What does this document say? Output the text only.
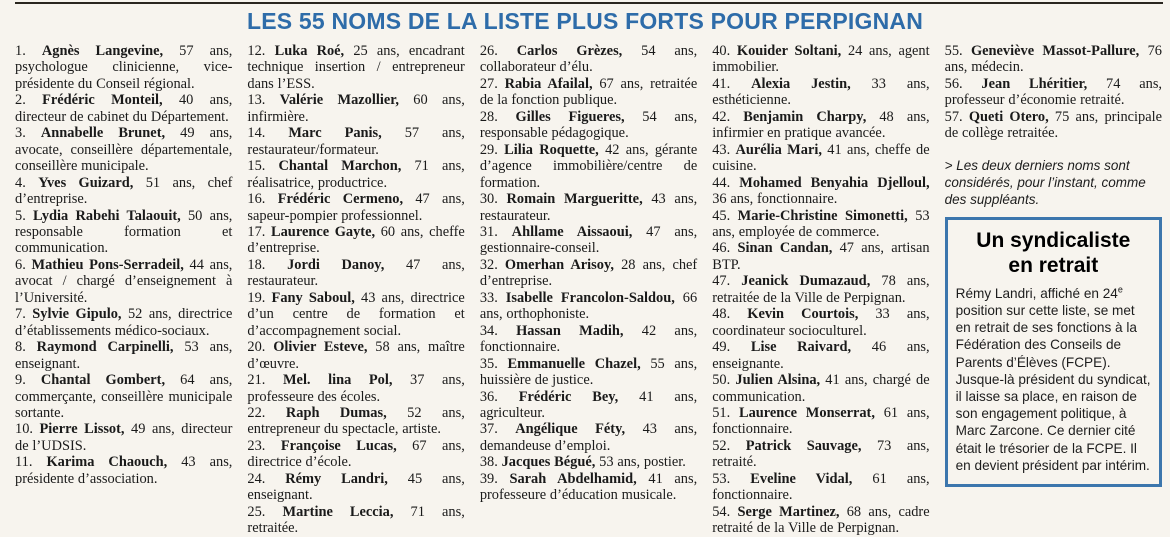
LES 55 NOMS DE LA LISTE PLUS FORTS POUR PERPIGNAN

1. Agnès Langevine, 57 ans, psychologue clinicienne, vice-présidente du Conseil régional.

2. Frédéric Monteil, 40 ans, directeur de cabinet du Département.

3. Annabelle Brunet, 49 ans, avocate, conseillère départementale, conseillère municipale.

4. Yves Guizard, 51 ans, chef d’entreprise.

5. Lydia Rabehi Talaouit, 50 ans, responsable formation et communication.

6. Mathieu Pons-Serradeil, 44 ans, avocat / chargé d’enseignement à l’Université.

7. Sylvie Gipulo, 52 ans, directrice d’établissements médico-sociaux.

8. Raymond Carpinelli, 53 ans, enseignant.

9. Chantal Gombert, 64 ans, commerçante, conseillère municipale sortante.

10. Pierre Lissot, 49 ans, directeur de l’UDSIS.

11. Karima Chaouch, 43 ans, présidente d’association.

12. Luka Roé, 25 ans, encadrant technique insertion / entrepreneur dans l’ESS.

13. Valérie Mazollier, 60 ans, infirmière.

14. Marc Panis, 57 ans, restaurateur/formateur.

15. Chantal Marchon, 71 ans, réalisatrice, productrice.

16. Frédéric Cermeno, 47 ans, sapeur-pompier professionnel.

17. Laurence Gayte, 60 ans, cheffe d’entreprise.

18. Jordi Danoy, 47 ans, restaurateur.

19. Fany Saboul, 43 ans, directrice d’un centre de formation et d’accompagnement social.

20. Olivier Esteve, 58 ans, maître d’œuvre.

21. Mel. lina Pol, 37 ans, professeure des écoles.

22. Raph Dumas, 52 ans, entrepreneur du spectacle, artiste.

23. Françoise Lucas, 67 ans, directrice d’école.

24. Rémy Landri, 45 ans, enseignant.

25. Martine Leccia, 71 ans, retraitée.

26. Carlos Grèzes, 54 ans, collaborateur d’élu.

27. Rabia Afailal, 67 ans, retraitée de la fonction publique.

28. Gilles Figueres, 54 ans, responsable pédagogique.

29. Lilia Roquette, 42 ans, gérante d’agence immobilière/centre de formation.

30. Romain Margueritte, 43 ans, restaurateur.

31. Ahllame Aissaoui, 47 ans, gestionnaire-conseil.

32. Omerhan Arisoy, 28 ans, chef d’entreprise.

33. Isabelle Francolon-Saldou, 66 ans, orthophoniste.

34. Hassan Madih, 42 ans, fonctionnaire.

35. Emmanuelle Chazel, 55 ans, huissière de justice.

36. Frédéric Bey, 41 ans, agriculteur.

37. Angélique Féty, 43 ans, demandeuse d’emploi.

38. Jacques Bégué, 53 ans, postier.

39. Sarah Abdelhamid, 41 ans, professeure d’éducation musicale.

40. Kouider Soltani, 24 ans, agent immobilier.

41. Alexia Jestin, 33 ans, esthéticienne.

42. Benjamin Charpy, 48 ans, infirmier en pratique avancée.

43. Aurélia Mari, 41 ans, cheffe de cuisine.

44. Mohamed Benyahia Djelloul, 36 ans, fonctionnaire.

45. Marie-Christine Simonetti, 53 ans, employée de commerce.

46. Sinan Candan, 47 ans, artisan BTP.

47. Jeanick Dumazaud, 78 ans, retraitée de la Ville de Perpignan.

48. Kevin Courtois, 33 ans, coordinateur socioculturel.

49. Lise Raivard, 46 ans, enseignante.

50. Julien Alsina, 41 ans, chargé de communication.

51. Laurence Monserrat, 61 ans, fonctionnaire.

52. Patrick Sauvage, 73 ans, retraité.

53. Eveline Vidal, 61 ans, fonctionnaire.

54. Serge Martinez, 68 ans, cadre retraité de la Ville de Perpignan.

55. Geneviève Massot-Pallure, 76 ans, médecin.

56. Jean Lhéritier, 74 ans, professeur d’économie retraité.

57. Queti Otero, 75 ans, principale de collège retraitée.

> Les deux derniers noms sont considérés, pour l’instant, comme des suppléants.

Un syndicaliste en retrait

Rémy Landri, affiché en 24e position sur cette liste, se met en retrait de ses fonctions à la Fédération des Conseils de Parents d’Élèves (FCPE). Jusque-là président du syndicat, il laisse sa place, en raison de son engagement politique, à Marc Zarcone. Ce dernier cité était le trésorier de la FCPE. Il en devient président par intérim.
